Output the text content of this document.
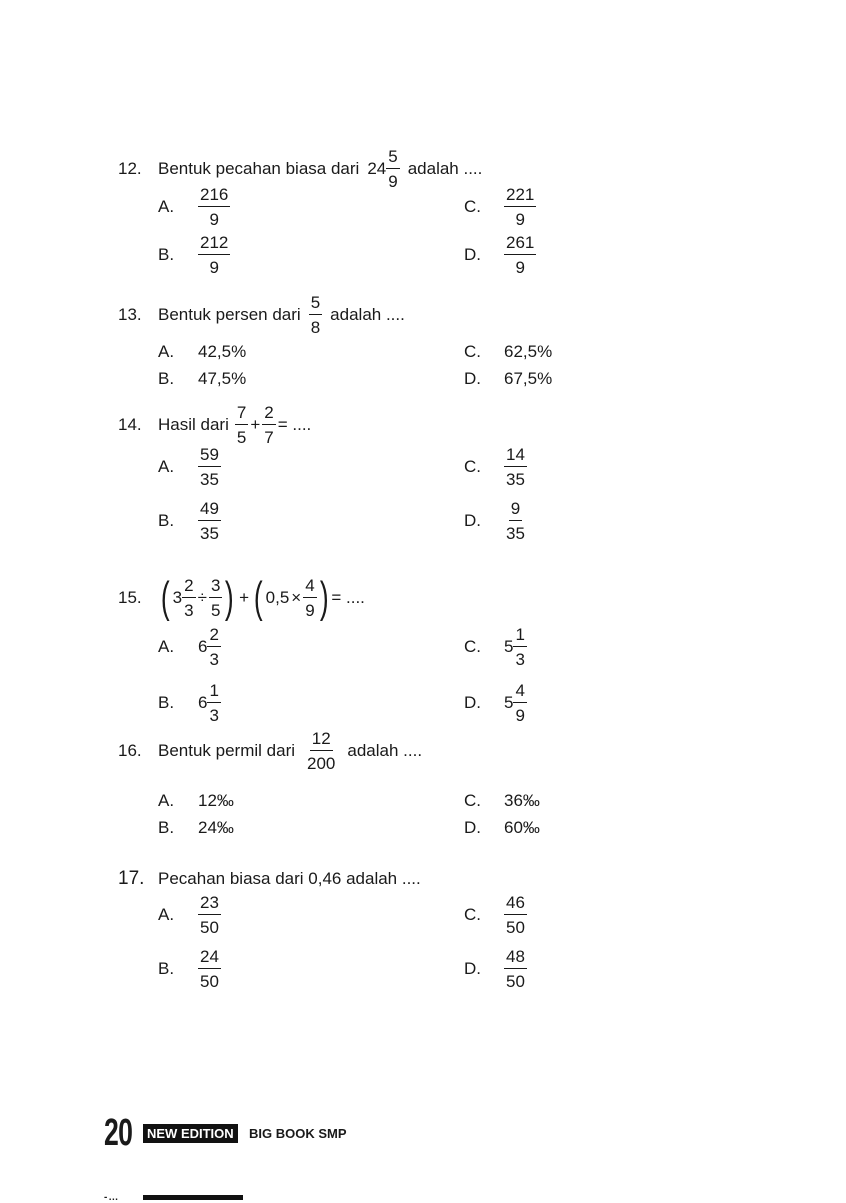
12. Bentuk pecahan biasa dari $24 \frac{5}{9}$ adalah ....
A.	$\frac{216}{9}$
B.	$\frac{212}{9}$
C.	$\frac{221}{9}$
D.	$\frac{261}{9}$
13. Bentuk persen dari $\frac{5}{8}$ adalah ....
A.	42,5%
B.	47,5%
C.	62,5%
D.	67,5%
14. Hasil dari $\frac{7}{5} + \frac{2}{7}$ = ....
A.	$\frac{59}{35}$
B.	$\frac{49}{35}$
C.	$\frac{14}{35}$
D.	$\frac{9}{35}$
15. ( $3 \frac{2}{3} \div \frac{3}{5}$ ) + ( $0,5 \times \frac{4}{9}$ ) = ....
A.	$6 \frac{2}{3}$
B.	$6 \frac{1}{3}$
C.	$5 \frac{1}{3}$
D.	$5 \frac{4}{9}$
16. Bentuk permil dari $\frac{12}{200}$ adalah ....
A.	12‰
B.	24‰
C.	36‰
D.	60‰
17. Pecahan biasa dari 0,46 adalah ....
A.	$\frac{23}{50}$
B.	$\frac{24}{50}$
C.	$\frac{46}{50}$
D.	$\frac{48}{50}$
20	NEW EDITION	BIG BOOK SMP
-…
